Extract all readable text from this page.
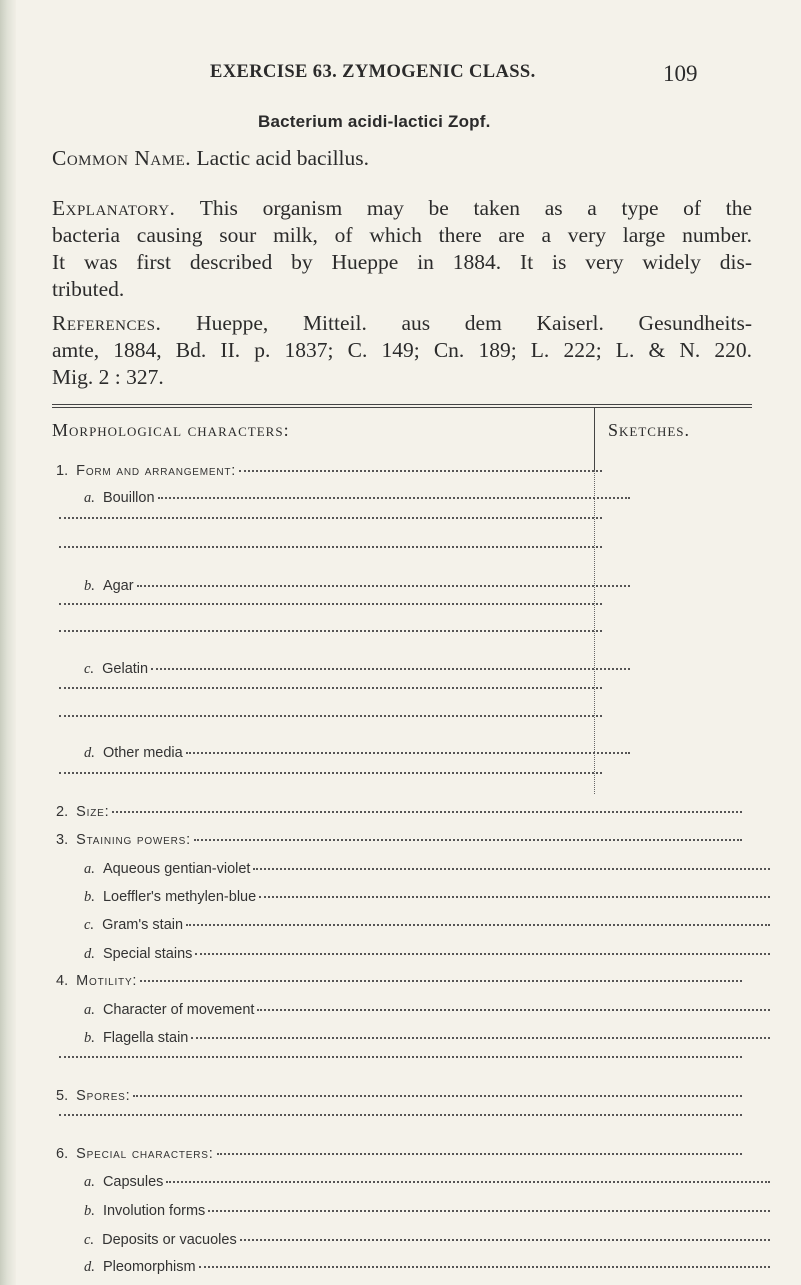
EXERCISE 63. ZYMOGENIC CLASS.	109
Bacterium acidi-lactici Zopf.

Common Name. Lactic acid bacillus.

Explanatory. This organism may be taken as a type of the

bacteria causing sour milk, of which there are a very large number.

It was first described by Hueppe in 1884. It is very widely dis-

tributed.

References. Hueppe, Mitteil. aus dem Kaiserl. Gesundheits-

amte, 1884, Bd. II. p. 1837; C. 149; Cn. 189; L. 222; L. & N. 220.

Mig. 2 : 327.

Morphological characters:	Sketches.
1. Form and arrangement:
a. Bouillon
b. Agar
c. Gelatin
d. Other media
2. Size:
3. Staining powers:
a. Aqueous gentian-violet
b. Loeffler's methylen-blue
c. Gram's stain
d. Special stains
4. Motility:
a. Character of movement
b. Flagella stain
5. Spores:
6. Special characters:
a. Capsules
b. Involution forms
c. Deposits or vacuoles
d. Pleomorphism
